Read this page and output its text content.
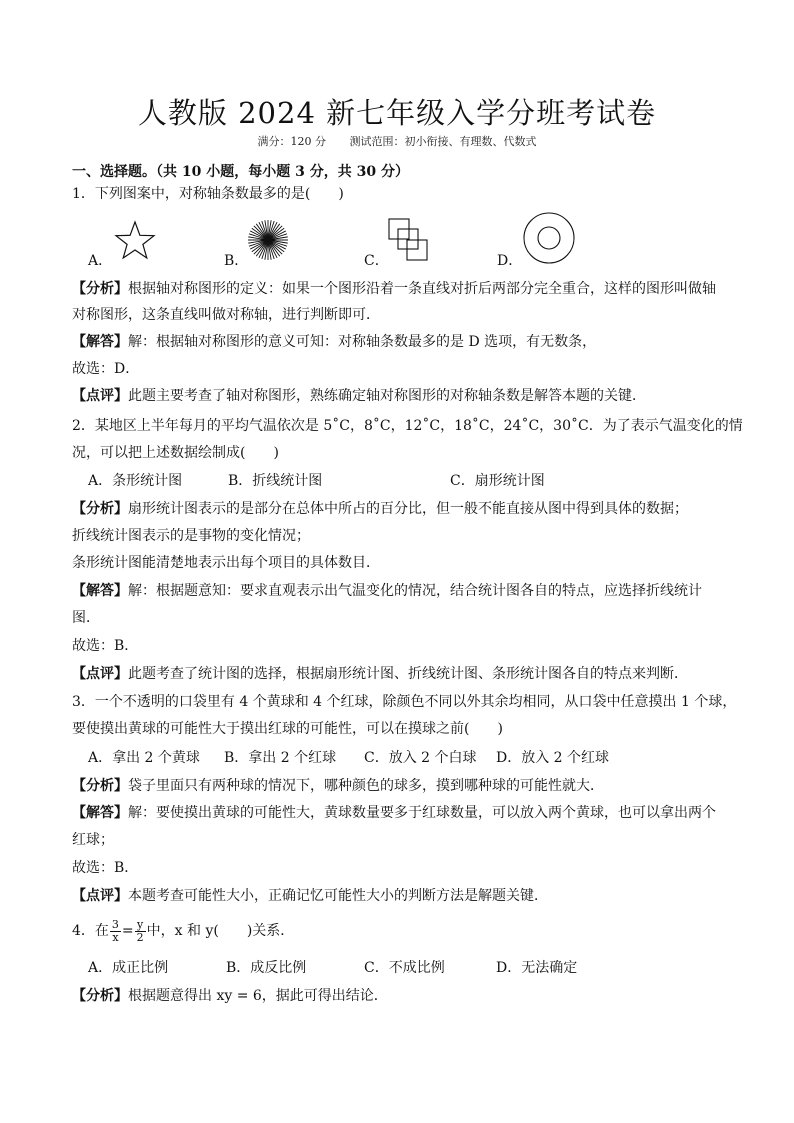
人教版 2024 新七年级入学分班考试卷
满分：120 分 测试范围：初小衔接、有理数、代数式
一、选择题。（共 10 小题，每小题 3 分，共 30 分）
1．下列图案中，对称轴条数最多的是(　　)
A．	B．	C．	D．
【分析】根据轴对称图形的定义：如果一个图形沿着一条直线对折后两部分完全重合，这样的图形叫做轴
对称图形，这条直线叫做对称轴，进行判断即可．
【解答】解：根据轴对称图形的意义可知：对称轴条数最多的是 D 选项，有无数条，
故选：D．
【点评】此题主要考查了轴对称图形，熟练确定轴对称图形的对称轴条数是解答本题的关键．
2．某地区上半年每月的平均气温依次是 5˚C，8˚C，12˚C，18˚C，24˚C，30˚C．为了表示气温变化的情
况，可以把上述数据绘制成(　　)
A．条形统计图	B．折线统计图	C．扇形统计图
【分析】扇形统计图表示的是部分在总体中所占的百分比，但一般不能直接从图中得到具体的数据；
折线统计图表示的是事物的变化情况；
条形统计图能清楚地表示出每个项目的具体数目．
【解答】解：根据题意知：要求直观表示出气温变化的情况，结合统计图各自的特点，应选择折线统计
图．
故选：B．
【点评】此题考查了统计图的选择，根据扇形统计图、折线统计图、条形统计图各自的特点来判断．
3．一个不透明的口袋里有 4 个黄球和 4 个红球，除颜色不同以外其余均相同，从口袋中任意摸出 1 个球，
要使摸出黄球的可能性大于摸出红球的可能性，可以在摸球之前(　　)
A．拿出 2 个黄球 B．拿出 2 个红球 C．放入 2 个白球 D．放入 2 个红球
【分析】袋子里面只有两种球的情况下，哪种颜色的球多，摸到哪种球的可能性就大．
【解答】解：要使摸出黄球的可能性大，黄球数量要多于红球数量，可以放入两个黄球，也可以拿出两个
红球；
故选：B．
【点评】本题考查可能性大小，正确记忆可能性大小的判断方法是解题关键．
4．在 $\frac{3}{x} = \frac{y}{2}$ 中，x 和 y(　　)关系．
A．成正比例	B．成反比例	C．不成比例	D．无法确定
【分析】根据题意得出 xy = 6，据此可得出结论．
